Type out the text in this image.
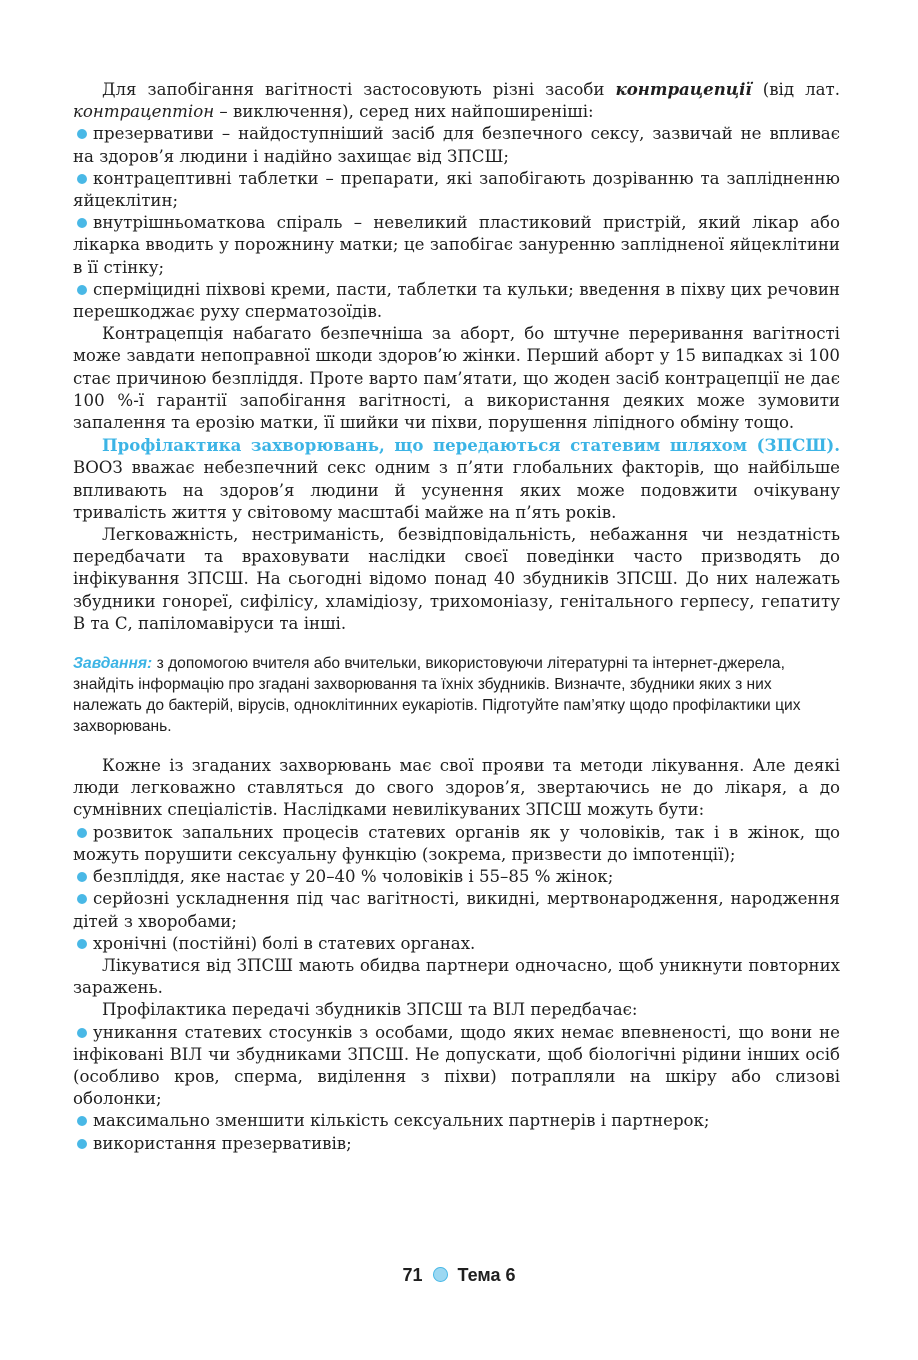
Для запобігання вагітності застосовують різні засоби контрацепції (від лат. контрацептіон – виключення), серед них найпоширеніші:

презервативи – найдоступніший засіб для безпечного сексу, зазвичай не впливає на здоров’я людини і надійно захищає від ЗПСШ;

контрацептивні таблетки – препарати, які запобігають дозріванню та заплідненню яйцеклітин;

внутрішньоматкова спіраль – невеликий пластиковий пристрій, який лікар або лікарка вводить у порожнину матки; це запобігає зануренню заплідненої яйцеклітини в її стінку;

сперміцидні піхвові креми, пасти, таблетки та кульки; введення в піхву цих речовин перешкоджає руху сперматозоїдів.

Контрацепція набагато безпечніша за аборт, бо штучне переривання вагітності може завдати непоправної шкоди здоров’ю жінки. Перший аборт у 15 випадках зі 100 стає причиною безпліддя. Проте варто пам’ятати, що жоден засіб контрацепції не дає 100 %-ї гарантії запобігання вагітності, а використання деяких може зумовити запалення та ерозію матки, її шийки чи піхви, порушення ліпідного обміну тощо.

Профілактика захворювань, що передаються статевим шляхом (ЗПСШ). ВООЗ вважає небезпечний секс одним з п’яти глобальних факторів, що найбільше впливають на здоров’я людини й усунення яких може подовжити очікувану тривалість життя у світовому масштабі майже на п’ять років.

Легковажність, нестриманість, безвідповідальність, небажання чи нездатність передбачати та враховувати наслідки своєї поведінки часто призводять до інфікування ЗПСШ. На сьогодні відомо понад 40 збудників ЗПСШ. До них належать збудники гонореї, сифілісу, хламідіозу, трихомоніазу, генітального герпесу, гепатиту В та С, папіломавіруси та інші.

Завдання: з допомогою вчителя або вчительки, використовуючи літературні та інтернет-джерела, знайдіть інформацію про згадані захворювання та їхніх збудників. Визначте, збудники яких з них належать до бактерій, вірусів, одноклітинних еукаріотів. Підготуйте пам’ятку щодо профілактики цих захворювань.

Кожне із згаданих захворювань має свої прояви та методи лікування. Але деякі люди легковажно ставляться до свого здоров’я, звертаючись не до лікаря, а до сумнівних спеціалістів. Наслідками невилікуваних ЗПСШ можуть бути:

розвиток запальних процесів статевих органів як у чоловіків, так і в жінок, що можуть порушити сексуальну функцію (зокрема, призвести до імпотенції);

безпліддя, яке настає у 20–40 % чоловіків і 55–85 % жінок;

серйозні ускладнення під час вагітності, викидні, мертвонародження, народження дітей з хворобами;

хронічні (постійні) болі в статевих органах.

Лікуватися від ЗПСШ мають обидва партнери одночасно, щоб уникнути повторних заражень.

Профілактика передачі збудників ЗПСШ та ВІЛ передбачає:

уникання статевих стосунків з особами, щодо яких немає впевненості, що вони не інфіковані ВІЛ чи збудниками ЗПСШ. Не допускати, щоб біологічні рідини інших осіб (особливо кров, сперма, виділення з піхви) потрапляли на шкіру або слизові оболонки;

максимально зменшити кількість сексуальних партнерів і партнерок;

використання презервативів;

71 Тема 6
